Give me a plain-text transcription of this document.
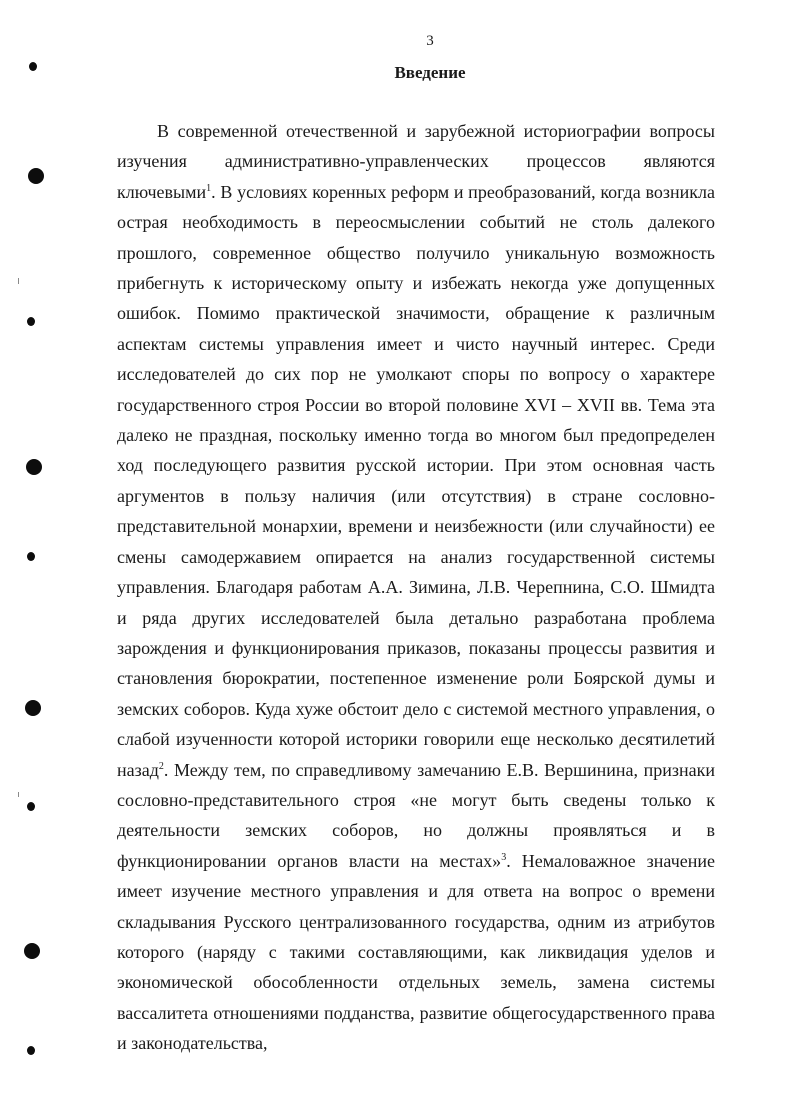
3
Введение

В современной отечественной и зарубежной историографии вопросы изучения административно-управленческих процессов являются ключевыми$^1$. В условиях коренных реформ и преобразований, когда возникла острая необходимость в переосмыслении событий не столь далекого прошлого, современное общество получило уникальную возможность прибегнуть к историческому опыту и избежать некогда уже допущенных ошибок. Помимо практической значимости, обращение к различным аспектам системы управления имеет и чисто научный интерес. Среди исследователей до сих пор не умолкают споры по вопросу о характере государственного строя России во второй половине XVI – XVII вв. Тема эта далеко не праздная, поскольку именно тогда во многом был предопределен ход последующего развития русской истории. При этом основная часть аргументов в пользу наличия (или отсутствия) в стране сословно-представительной монархии, времени и неизбежности (или случайности) ее смены самодержавием опирается на анализ государственной системы управления. Благодаря работам А.А. Зимина, Л.В. Черепнина, С.О. Шмидта и ряда других исследователей была детально разработана проблема зарождения и функционирования приказов, показаны процессы развития и становления бюрократии, постепенное изменение роли Боярской думы и земских соборов. Куда хуже обстоит дело с системой местного управления, о слабой изученности которой историки говорили еще несколько десятилетий назад$^2$. Между тем, по справедливому замечанию Е.В. Вершинина, признаки сословно-представительного строя «не могут быть сведены только к деятельности земских соборов, но должны проявляться и в функционировании органов власти на местах»$^3$. Немаловажное значение имеет изучение местного управления и для ответа на вопрос о времени складывания Русского централизованного государства, одним из атрибутов которого (наряду с такими составляющими, как ликвидация уделов и экономической обособленности отдельных земель, замена системы вассалитета отношениями подданства, развитие общегосударственного права и законодательства,
